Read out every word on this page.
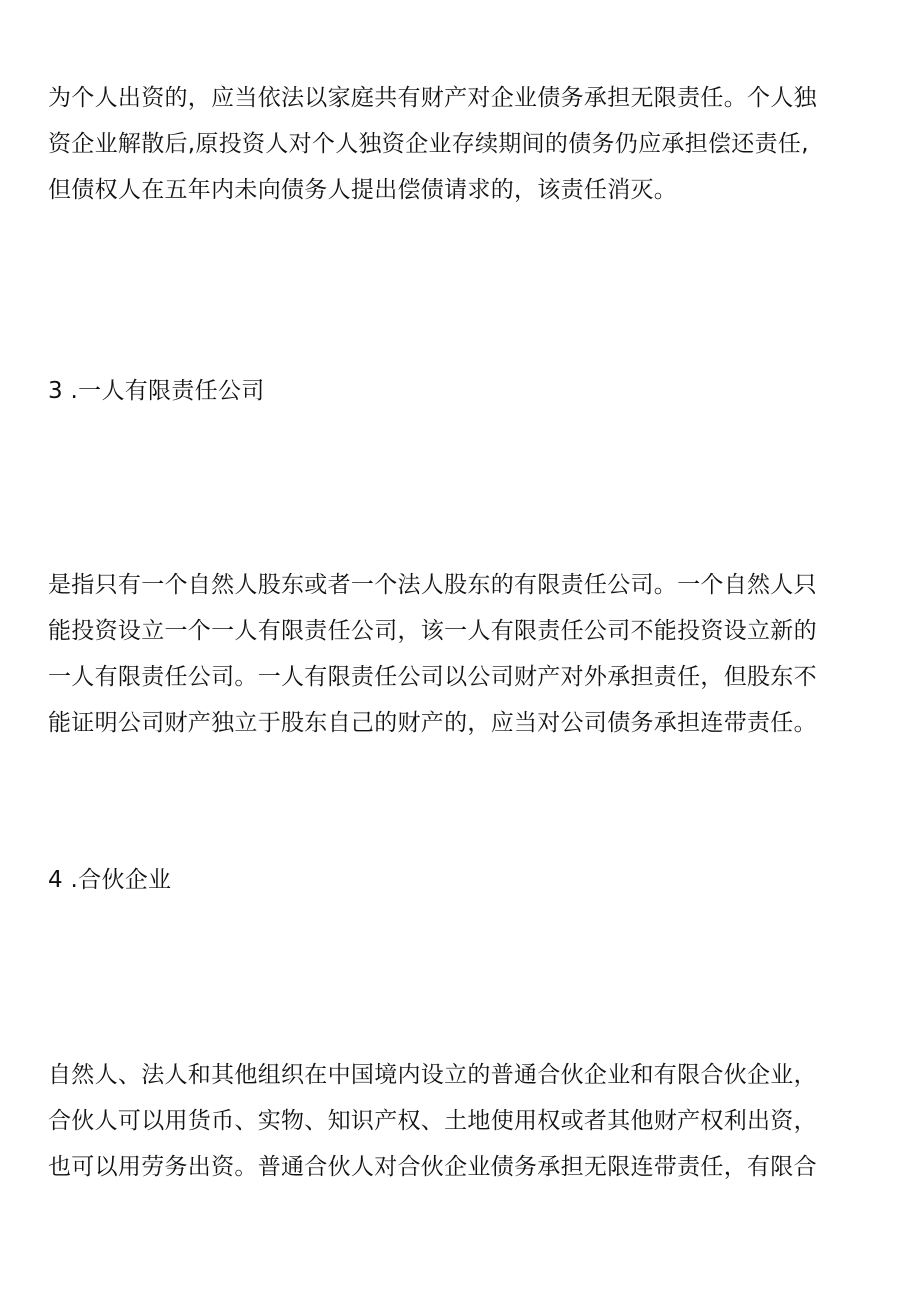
为个人出资的，应当依法以家庭共有财产对企业债务承担无限责任。个人独
资企业解散后,原投资人对个人独资企业存续期间的债务仍应承担偿还责任,
但债权人在五年内未向债务人提出偿债请求的，该责任消灭。

3 .一人有限责任公司

是指只有一个自然人股东或者一个法人股东的有限责任公司。一个自然人只
能投资设立一个一人有限责任公司，该一人有限责任公司不能投资设立新的
一人有限责任公司。一人有限责任公司以公司财产对外承担责任，但股东不
能证明公司财产独立于股东自己的财产的，应当对公司债务承担连带责任。

4 .合伙企业

自然人、法人和其他组织在中国境内设立的普通合伙企业和有限合伙企业，
合伙人可以用货币、实物、知识产权、土地使用权或者其他财产权利出资，
也可以用劳务出资。普通合伙人对合伙企业债务承担无限连带责任，有限合
